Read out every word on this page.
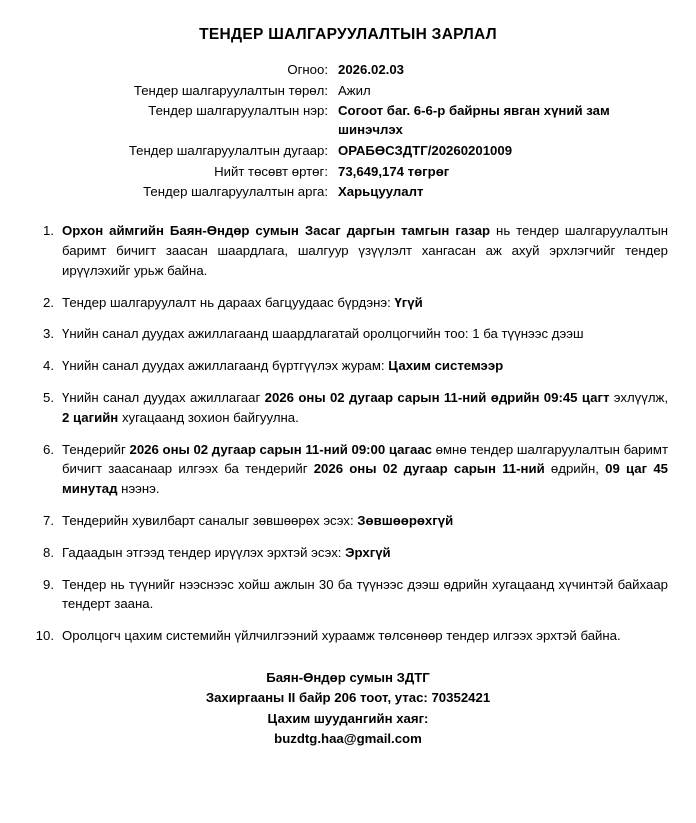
ТЕНДЕР ШАЛГАРУУЛАЛТЫН ЗАРЛАЛ
Огноо:	2026.02.03
Тендер шалгаруулалтын төрөл:	Ажил
Тендер шалгаруулалтын нэр:	Согоот баг. 6-6-р байрны явган хүний зам шинэчлэх
Тендер шалгаруулалтын дугаар:	ОРАБӨСЗДТГ/20260201009
Нийт төсөвт өртөг:	73,649,174 төгрөг
Тендер шалгаруулалтын арга:	Харьцуулалт
1. Орхон аймгийн Баян-Өндөр сумын Засаг даргын тамгын газар нь тендер шалгаруулалтын баримт бичигт заасан шаардлага, шалгуур үзүүлэлт хангасан аж ахуй эрхлэгчийг тендер ирүүлэхийг урьж байна.
2. Тендер шалгаруулалт нь дараах багцуудаас бүрдэнэ: Үгүй
3. Үнийн санал дуудах ажиллагаанд шаардлагатай оролцогчийн тоо: 1 ба түүнээс дээш
4. Үнийн санал дуудах ажиллагаанд бүртгүүлэх журам: Цахим системээр
5. Үнийн санал дуудах ажиллагааг 2026 оны 02 дугаар сарын 11-ний өдрийн 09:45 цагт эхлүүлж, 2 цагийн хугацаанд зохион байгуулна.
6. Тендерийг 2026 оны 02 дугаар сарын 11-ний 09:00 цагаас өмнө тендер шалгаруулалтын баримт бичигт заасанаар илгээх ба тендерийг 2026 оны 02 дугаар сарын 11-ний өдрийн, 09 цаг 45 минутад нээнэ.
7. Тендерийн хувилбарт саналыг зөвшөөрөх эсэх: Зөвшөөрөхгүй
8. Гадаадын этгээд тендер ирүүлэх эрхтэй эсэх: Эрхгүй
9. Тендер нь түүнийг нээснээс хойш ажлын 30 ба түүнээс дээш өдрийн хугацаанд хүчинтэй байхаар тендерт заана.
10. Оролцогч цахим системийн үйлчилгээний хураамж төлсөнөөр тендер илгээх эрхтэй байна.
Баян-Өндөр сумын ЗДТГ
Захиргааны II байр 206 тоот, утас: 70352421
Цахим шуудангийн хаяг:
buzdtg.haa@gmail.com
